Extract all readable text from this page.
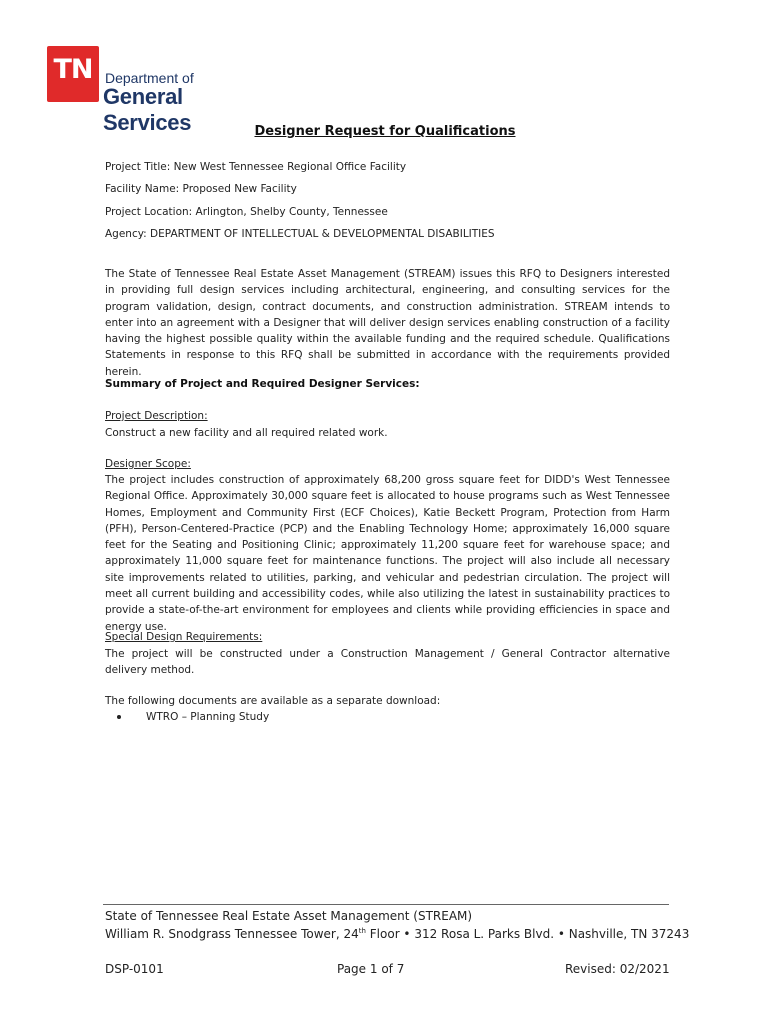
TN Department of
General Services	Designer Request for Qualifications
Project Title: New West Tennessee Regional Office Facility
Facility Name: Proposed New Facility
Project Location: Arlington, Shelby County, Tennessee
Agency: DEPARTMENT OF INTELLECTUAL & DEVELOPMENTAL DISABILITIES

The State of Tennessee Real Estate Asset Management (STREAM) issues this RFQ to Designers interested in providing full design services including architectural, engineering, and consulting services for the program validation, design, contract documents, and construction administration. STREAM intends to enter into an agreement with a Designer that will deliver design services enabling construction of a facility having the highest possible quality within the available funding and the required schedule. Qualifications Statements in response to this RFQ shall be submitted in accordance with the requirements provided herein.

Summary of Project and Required Designer Services:
Project Description:

Construct a new facility and all required related work.

Designer Scope:

The project includes construction of approximately 68,200 gross square feet for DIDD's West Tennessee Regional Office. Approximately 30,000 square feet is allocated to house programs such as West Tennessee Homes, Employment and Community First (ECF Choices), Katie Beckett Program, Protection from Harm (PFH), Person-Centered-Practice (PCP) and the Enabling Technology Home; approximately 16,000 square feet for the Seating and Positioning Clinic; approximately 11,200 square feet for warehouse space; and approximately 11,000 square feet for maintenance functions. The project will also include all necessary site improvements related to utilities, parking, and vehicular and pedestrian circulation. The project will meet all current building and accessibility codes, while also utilizing the latest in sustainability practices to provide a state-of-the-art environment for employees and clients while providing efficiencies in space and energy use.

Special Design Requirements:

The project will be constructed under a Construction Management / General Contractor alternative delivery method.

The following documents are available as a separate download:
WTRO – Planning Study
State of Tennessee Real Estate Asset Management (STREAM)
William R. Snodgrass Tennessee Tower, 24th Floor • 312 Rosa L. Parks Blvd. • Nashville, TN 37243
DSP-0101	Page 1 of 7	Revised: 02/2021
